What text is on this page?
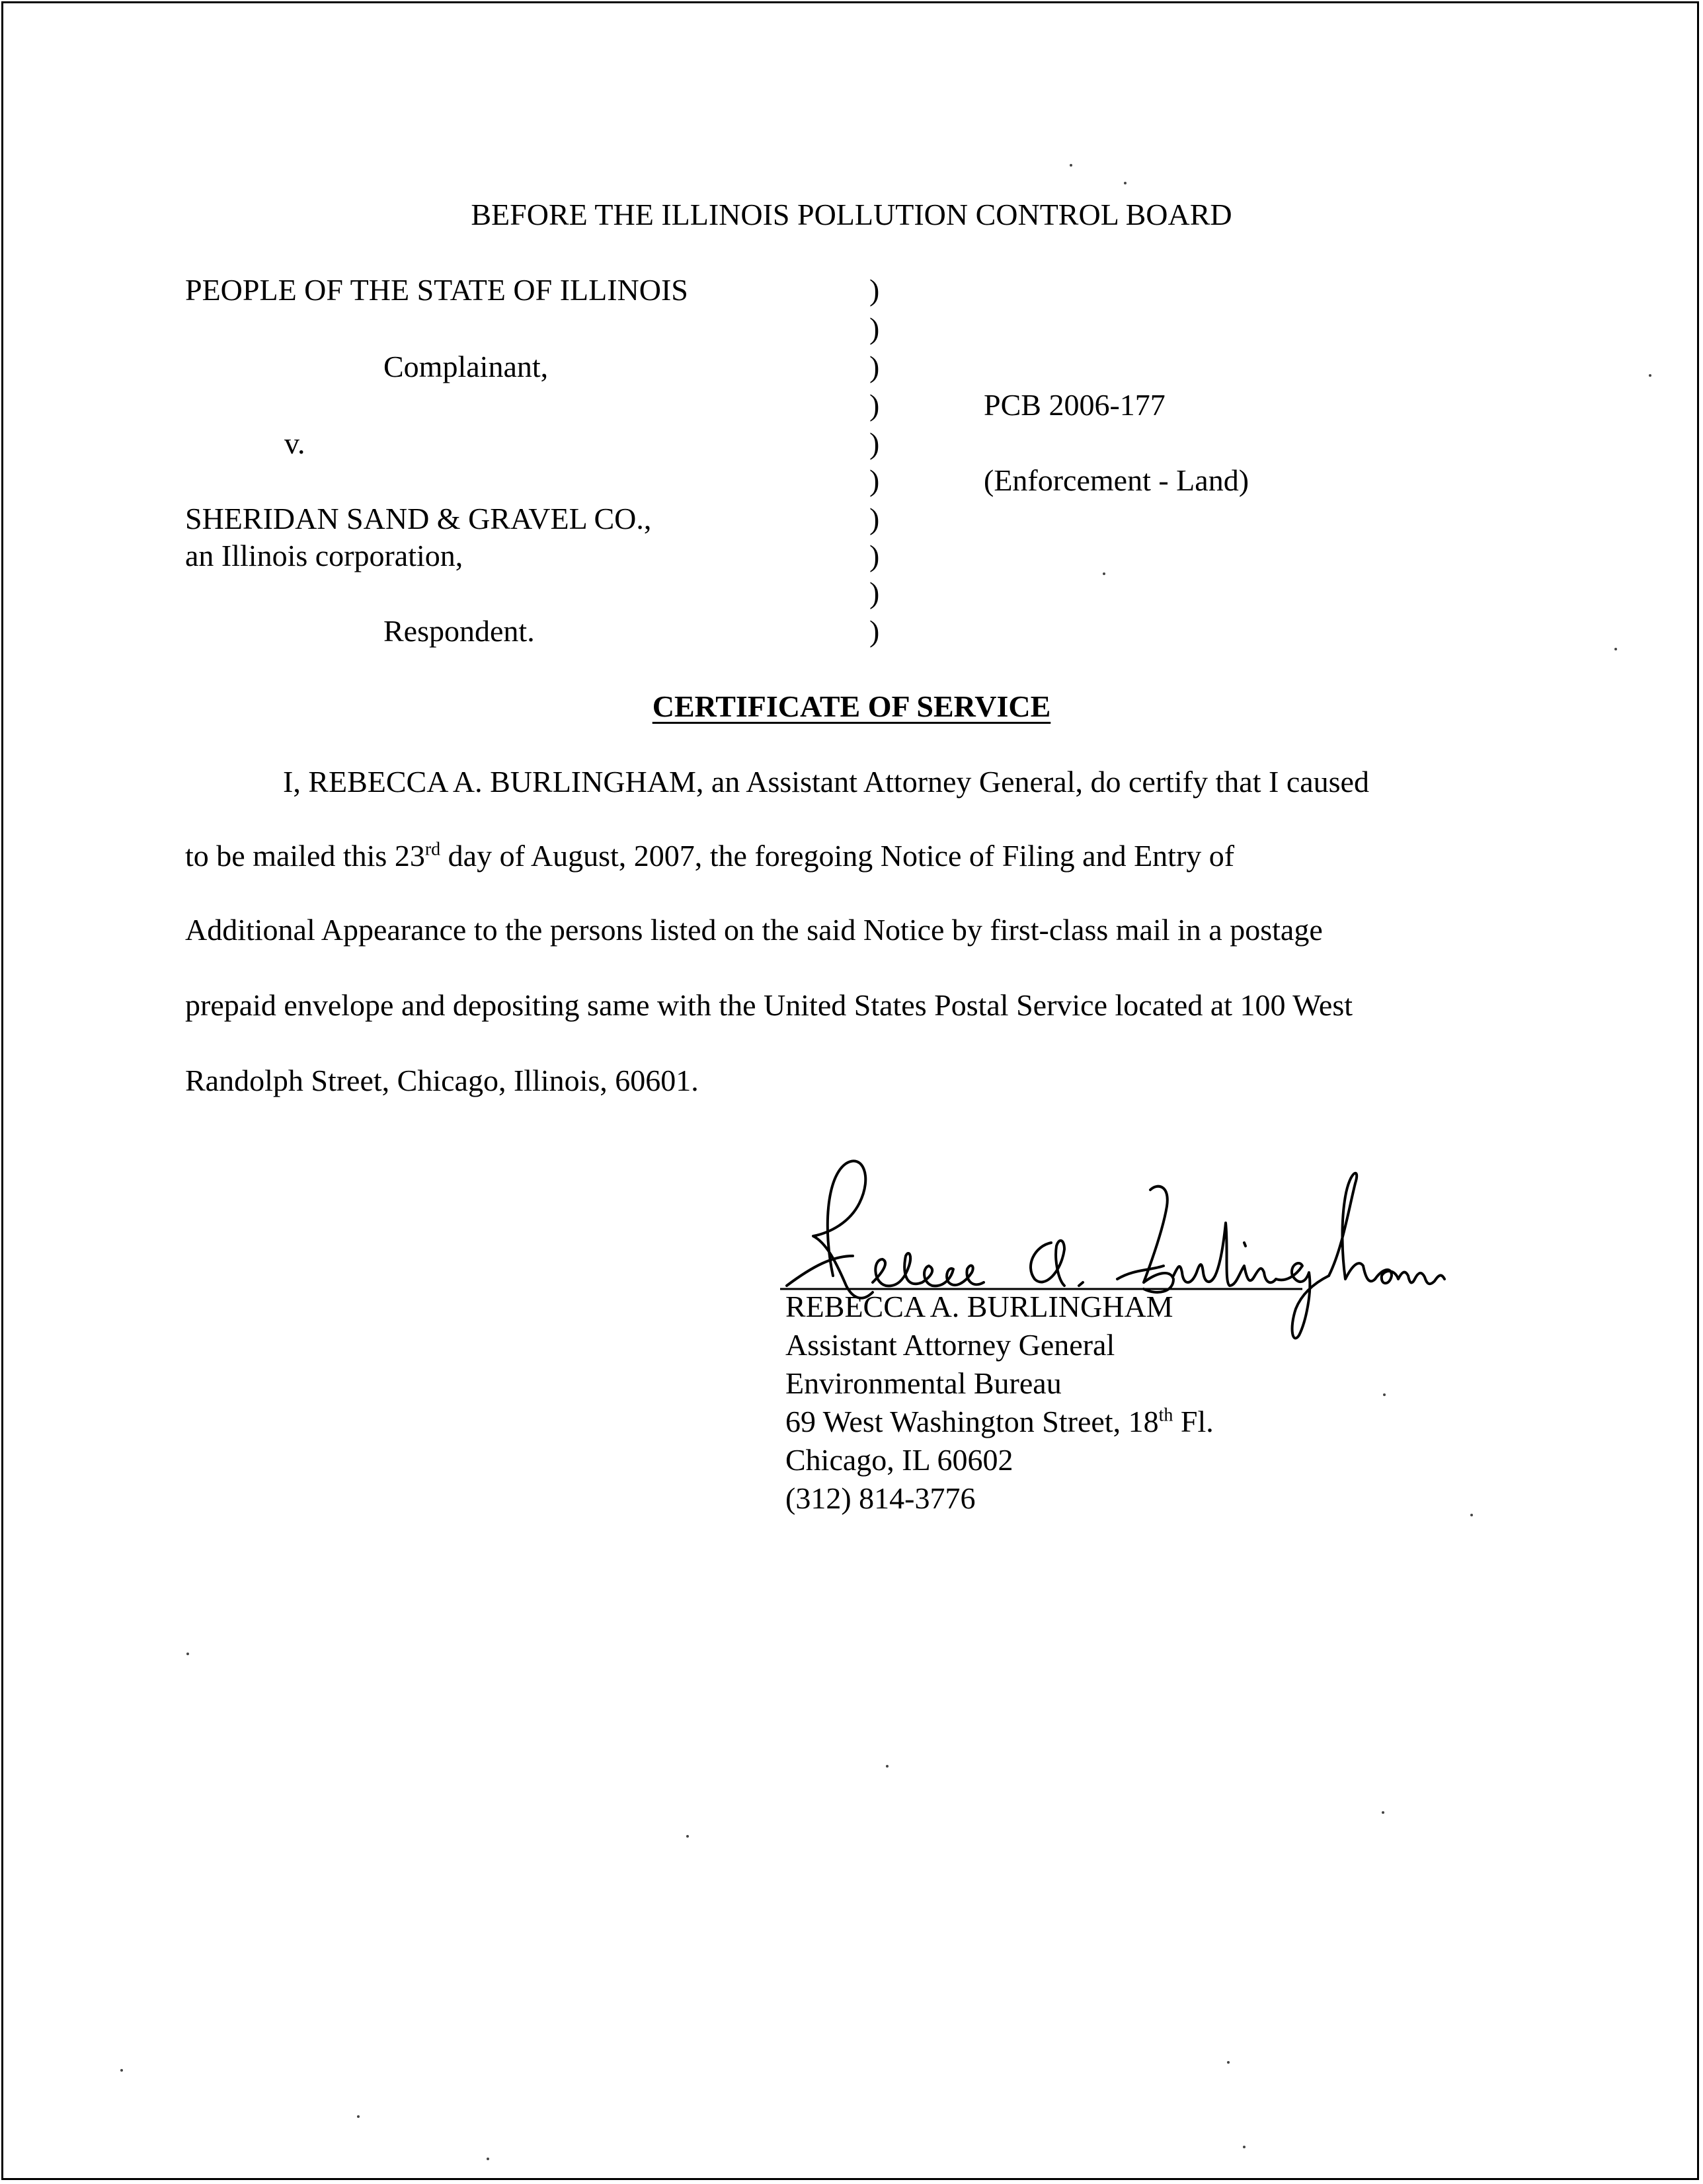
BEFORE THE ILLINOIS POLLUTION CONTROL BOARD
PEOPLE OF THE STATE OF ILLINOIS
Complainant,
v.
SHERIDAN SAND & GRAVEL CO.,
an Illinois corporation,
Respondent.
)
)
)
)
)
)
)
)
)
)
PCB 2006-177
(Enforcement - Land)
CERTIFICATE OF SERVICE
I, REBECCA A. BURLINGHAM, an Assistant Attorney General, do certify that I caused
to be mailed this 23rd day of August, 2007, the foregoing Notice of Filing and Entry of
Additional Appearance to the persons listed on the said Notice by first-class mail in a postage
prepaid envelope and depositing same with the United States Postal Service located at 100 West
Randolph Street, Chicago, Illinois, 60601.
REBECCA A. BURLINGHAM
Assistant Attorney General
Environmental Bureau
69 West Washington Street, 18th Fl.
Chicago, IL 60602
(312) 814-3776
